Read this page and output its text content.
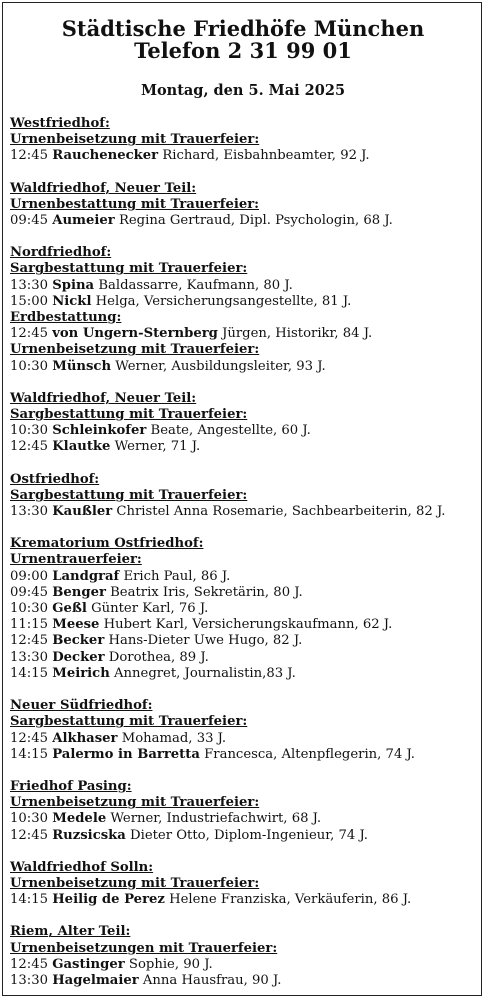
Städtische Friedhöfe München
Telefon 2 31 99 01
Montag, den 5. Mai 2025
Westfriedhof:
Urnenbeisetzung mit Trauerfeier:
12:45 Rauchenecker Richard, Eisbahnbeamter, 92 J.
Waldfriedhof, Neuer Teil:
Urnenbestattung mit Trauerfeier:
09:45 Aumeier Regina Gertraud, Dipl. Psychologin, 68 J.
Nordfriedhof:
Sargbestattung mit Trauerfeier:
13:30 Spina Baldassarre, Kaufmann, 80 J.
15:00 Nickl Helga, Versicherungsangestellte, 81 J.
Erdbestattung:
12:45 von Ungern-Sternberg Jürgen, Historikr, 84 J.
Urnenbeisetzung mit Trauerfeier:
10:30 Münsch Werner, Ausbildungsleiter, 93 J.
Waldfriedhof, Neuer Teil:
Sargbestattung mit Trauerfeier:
10:30 Schleinkofer Beate, Angestellte, 60 J.
12:45 Klautke Werner, 71 J.
Ostfriedhof:
Sargbestattung mit Trauerfeier:
13:30 Kaußler Christel Anna Rosemarie, Sachbearbeiterin, 82 J.
Krematorium Ostfriedhof:
Urnentrauerfeier:
09:00 Landgraf Erich Paul, 86 J.
09:45 Benger Beatrix Iris, Sekretärin, 80 J.
10:30 Geßl Günter Karl, 76 J.
11:15 Meese Hubert Karl, Versicherungskaufmann, 62 J.
12:45 Becker Hans-Dieter Uwe Hugo, 82 J.
13:30 Decker Dorothea, 89 J.
14:15 Meirich Annegret, Journalistin,83 J.
Neuer Südfriedhof:
Sargbestattung mit Trauerfeier:
12:45 Alkhaser Mohamad, 33 J.
14:15 Palermo in Barretta Francesca, Altenpflegerin, 74 J.
Friedhof Pasing:
Urnenbeisetzung mit Trauerfeier:
10:30 Medele Werner, Industriefachwirt, 68 J.
12:45 Ruzsicska Dieter Otto, Diplom-Ingenieur, 74 J.
Waldfriedhof Solln:
Urnenbeisetzung mit Trauerfeier:
14:15 Heilig de Perez Helene Franziska, Verkäuferin, 86 J.
Riem, Alter Teil:
Urnenbeisetzungen mit Trauerfeier:
12:45 Gastinger Sophie, 90 J.
13:30 Hagelmaier Anna Hausfrau, 90 J.
